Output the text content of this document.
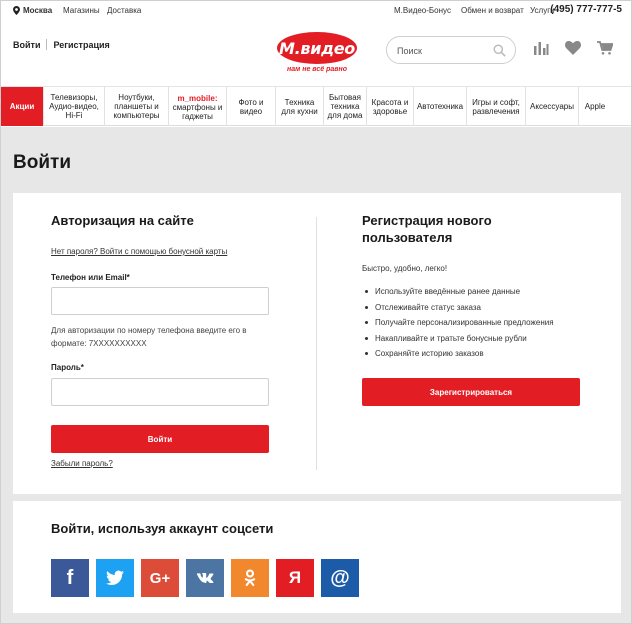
Москва Магазины Доставка	М.Видео-Бонус Обмен и возврат Услуги
(495) 777-777-5
Войти Регистрация	М.видео
нам не всё равно
Поиск
Акции
Телевизоры, Аудио-видео, Hi-Fi
Ноутбуки, планшеты и компьютеры
m_mobile:
смартфоны и гаджеты
Фото и видео
Техника для кухни
Бытовая техника для дома
Красота и здоровье	Автотехника	Игры и софт, развлечения	Аксессуары	Apple
Войти
Авторизация на сайте
Нет пароля? Войти с помощью бонусной карты
Телефон или Email*
Для авторизации по номеру телефона введите его в формате: 7XXXXXXXXXX
Пароль*
Войти
Забыли пароль?
Регистрация нового пользователя
Быстро, удобно, легко!
Используйте введённые ранее данные
Отслеживайте статус заказа
Получайте персонализированные предложения
Накапливайте и тратьте бонусные рубли
Сохраняйте историю заказов
Зарегистрироваться
Войти, используя аккаунт соцсети
f	G+	Я @
